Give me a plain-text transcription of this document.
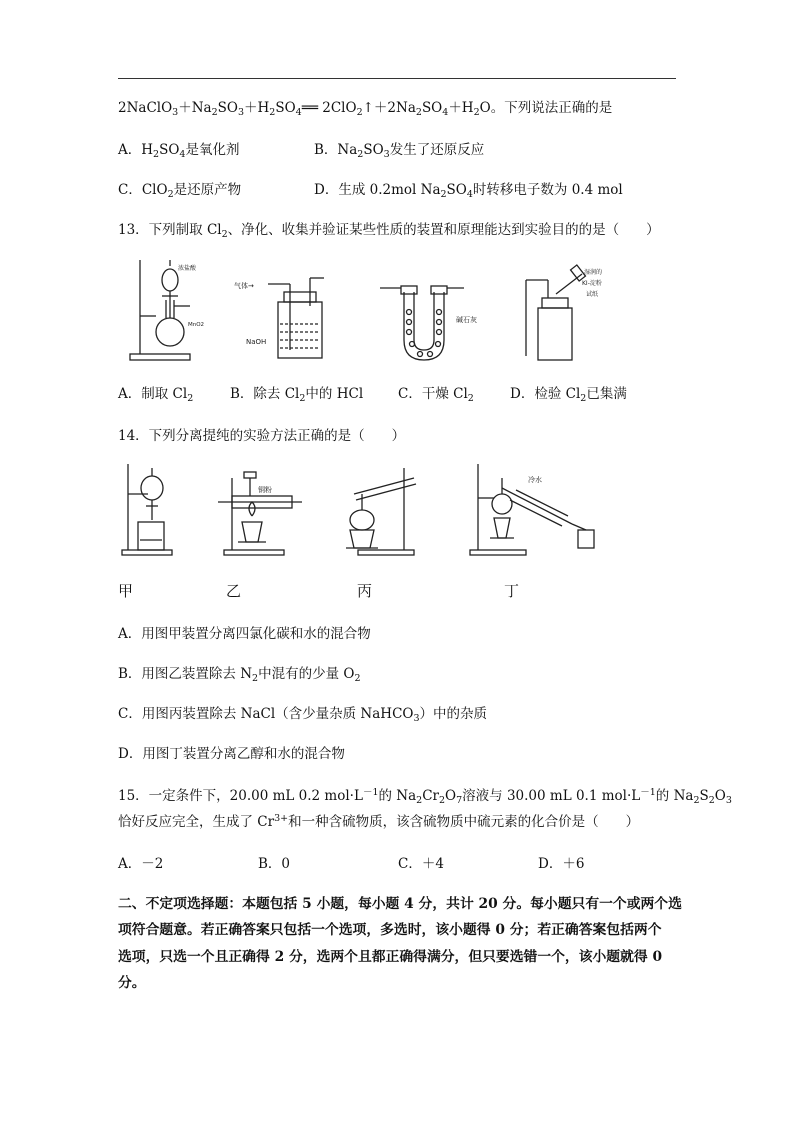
$2NaClO_3+Na_2SO_3+H_2SO_4══$ $2ClO_2↑+2Na_2SO_4+H_2O$。下列说法正确的是
A．$H_2SO_4$是氧化剂	B．$Na_2SO_3$发生了还原反应
C．ClO$_2$是还原产物	D．生成 0.2mol $Na_2SO_4$时转移电子数为 0.4 mol
13．下列制取 $Cl_2$、净化、收集并验证某些性质的装置和原理能达到实验目的的是（　　）
浓盐酸
MnO2
气体→
NaOH
碱石灰
湿润的
KI-淀粉
试纸
A．制取 $Cl_2$	B．除去 $Cl_2$中的 HCl	C．干燥 $Cl_2$	D．检验 $Cl_2$已集满
14．下列分离提纯的实验方法正确的是（　　）
铜粉
冷水
甲	乙	丙	丁
A．用图甲装置分离四氯化碳和水的混合物
B．用图乙装置除去 $N_2$中混有的少量 $O_2$
C．用图丙装置除去 NaCl（含少量杂质 NaHCO$_3$）中的杂质
D．用图丁装置分离乙醇和水的混合物
15．一定条件下，20.00 mL 0.2 $mol\cdot L^{-1}$的 $Na_2Cr_2O_7$溶液与 30.00 mL 0.1 $mol\cdot L^{-1}$的 $Na_2S_2O_3$
恰好反应完全，生成了 $Cr^{3+}$和一种含硫物质，该含硫物质中硫元素的化合价是（　　）
A．－2	B．0	C．＋4	D．＋6
二、不定项选择题：本题包括 5 小题，每小题 4 分，共计 20 分。每小题只有一个或两个选
项符合题意。若正确答案只包括一个选项，多选时，该小题得 0 分；若正确答案包括两个
选项，只选一个且正确得 2 分，选两个且都正确得满分，但只要选错一个，该小题就得 0
分。
